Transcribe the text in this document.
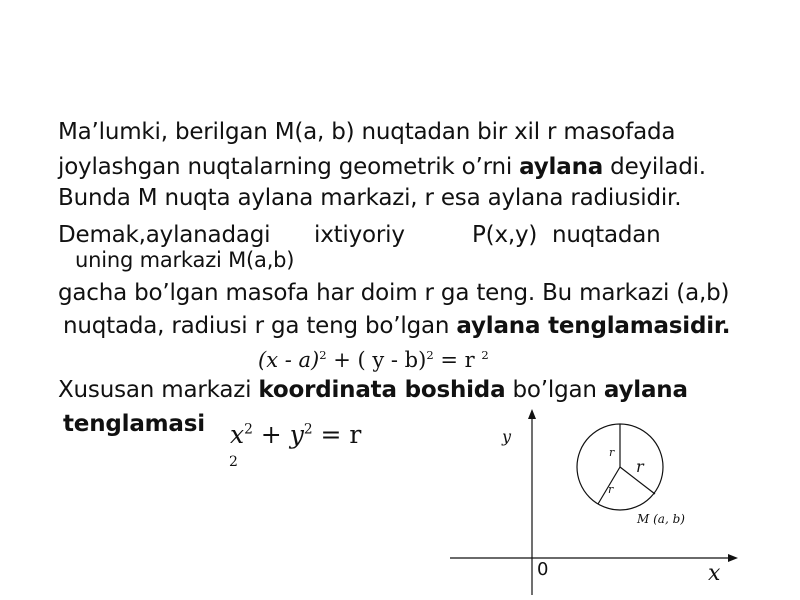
Ma’lumki, berilgan M(a, b) nuqtadan bir xil r masofada
joylashgan nuqtalarning geometrik o’rni aylana deyiladi.
Bunda M nuqta aylana markazi, r esa aylana radiusidir.
Demak,aylanadagi ixtiyoriy	P(x,y) nuqtadan
uning markazi M(a,b)
gacha bo’lgan masofa har doim r ga teng. Bu markazi (a,b)
nuqtada, radiusi r ga teng bo’lgan aylana tenglamasidir.
(x - a)$^2$ + ( y - b)$^2$ = r $^2$
Xususan markazi koordinata boshida bo’lgan aylana
tenglamasi $x^2 + y^2 = r$
2
y
x
0
r
r
r
M (a, b)
